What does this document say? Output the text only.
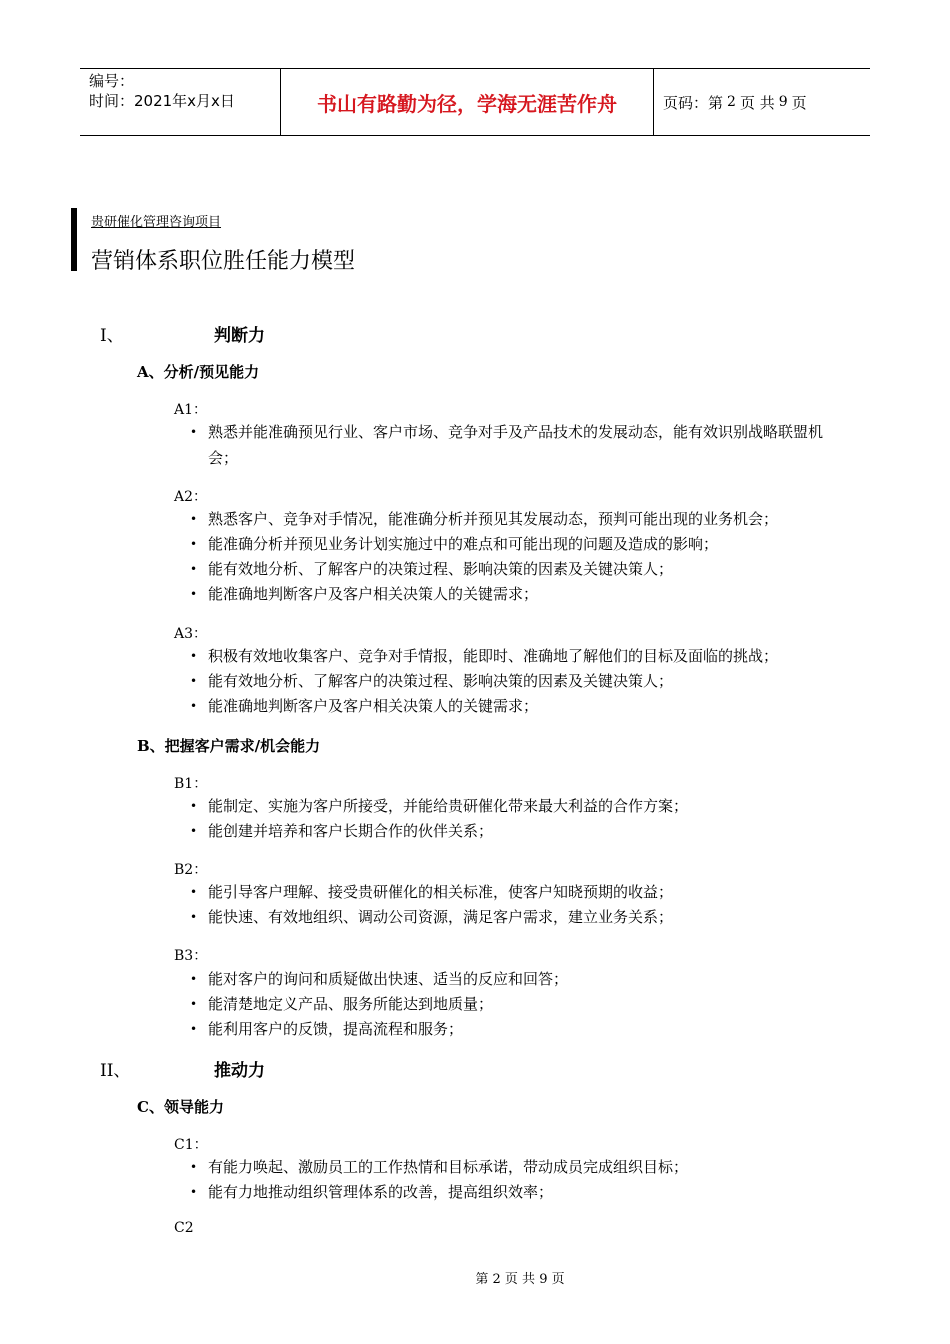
编号：
时间：2021年x月x日	书山有路勤为径，学海无涯苦作舟	页码：第 2 页 共 9 页
贵研催化管理咨询项目
营销体系职位胜任能力模型
I、	判断力
A、分析/预见能力
A1：
• 熟悉并能准确预见行业、客户市场、竞争对手及产品技术的发展动态，能有效识别战略联盟机会；
A2：
• 熟悉客户、竞争对手情况，能准确分析并预见其发展动态，预判可能出现的业务机会；
• 能准确分析并预见业务计划实施过中的难点和可能出现的问题及造成的影响；
• 能有效地分析、了解客户的决策过程、影响决策的因素及关键决策人；
• 能准确地判断客户及客户相关决策人的关键需求；
A3：
• 积极有效地收集客户、竞争对手情报，能即时、准确地了解他们的目标及面临的挑战；
• 能有效地分析、了解客户的决策过程、影响决策的因素及关键决策人；
• 能准确地判断客户及客户相关决策人的关键需求；
B、把握客户需求/机会能力
B1：
• 能制定、实施为客户所接受，并能给贵研催化带来最大利益的合作方案；
• 能创建并培养和客户长期合作的伙伴关系；
B2：
• 能引导客户理解、接受贵研催化的相关标准，使客户知晓预期的收益；
• 能快速、有效地组织、调动公司资源，满足客户需求，建立业务关系；
B3：
• 能对客户的询问和质疑做出快速、适当的反应和回答；
• 能清楚地定义产品、服务所能达到地质量；
• 能利用客户的反馈，提高流程和服务；
II、	推动力
C、领导能力
C1：
• 有能力唤起、激励员工的工作热情和目标承诺，带动成员完成组织目标；
• 能有力地推动组织管理体系的改善，提高组织效率；
C2
第 2 页 共 9 页
